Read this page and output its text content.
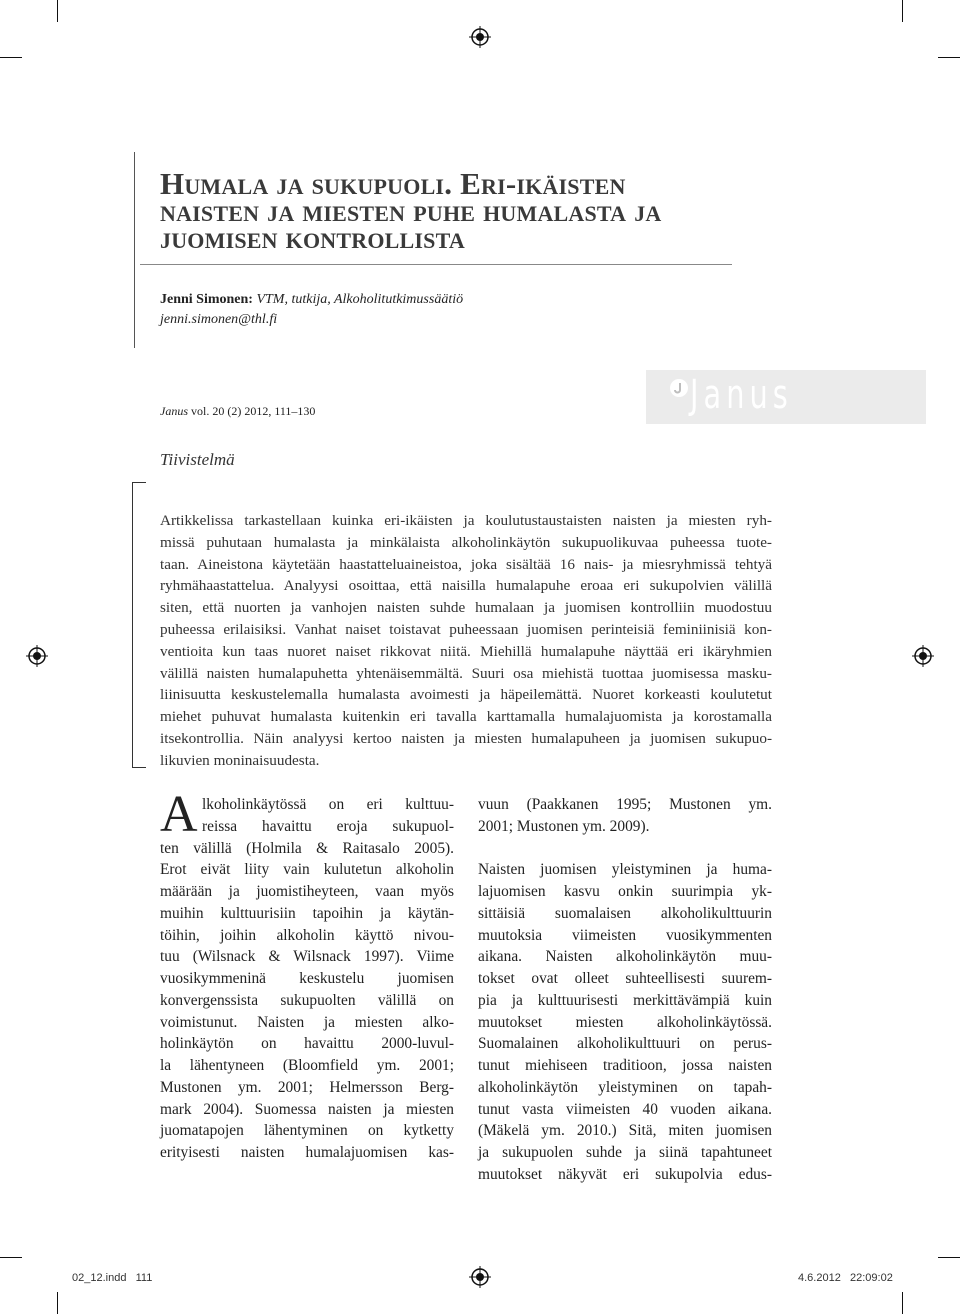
Humala ja sukupuoli. Eri-ikäisten
naisten ja miesten puhe humalasta ja
juomisen kontrollista
Jenni Simonen: VTM, tutkija, Alkoholitutkimussäätiö
jenni.simonen@thl.fi
Janus vol. 20 (2) 2012, 111–130	Janus
Tiivistelmä
Artikkelissa tarkastellaan kuinka eri-ikäisten ja koulutustaustaisten naisten ja miesten ryh-
missä puhutaan humalasta ja minkälaista alkoholinkäytön sukupuolikuvaa puheessa tuote-
taan. Aineistona käytetään haastatteluaineistoa, joka sisältää 16 nais- ja miesryhmissä tehtyä
ryhmähaastattelua. Analyysi osoittaa, että naisilla humalapuhe eroaa eri sukupolvien välillä
siten, että nuorten ja vanhojen naisten suhde humalaan ja juomisen kontrolliin muodostuu
puheessa erilaisiksi. Vanhat naiset toistavat puheessaan juomisen perinteisiä feminiinisiä kon-
ventioita kun taas nuoret naiset rikkovat niitä. Miehillä humalapuhe näyttää eri ikäryhmien
välillä naisten humalapuhetta yhtenäisemmältä. Suuri osa miehistä tuottaa juomisessa masku-
liinisuutta keskustelemalla humalasta avoimesti ja häpeilemättä. Nuoret korkeasti koulutetut
miehet puhuvat humalasta kuitenkin eri tavalla karttamalla humalajuomista ja korostamalla
itsekontrollia. Näin analyysi kertoo naisten ja miesten humalapuheen ja juomisen sukupuo-
likuvien moninaisuudesta.
A lkoholinkäytössä on eri kulttuu-
reissa havaittu eroja sukupuol-
ten välillä (Holmila & Raitasalo 2005).
Erot eivät liity vain kulutetun alkoholin
määrään ja juomistiheyteen, vaan myös
muihin kulttuurisiin tapoihin ja käytän-
töihin, joihin alkoholin käyttö nivou-
tuu (Wilsnack & Wilsnack 1997). Viime
vuosikymmeninä keskustelu juomisen
konvergenssista sukupuolten välillä on
voimistunut. Naisten ja miesten alko-
holinkäytön on havaittu 2000-luvul-
la lähentyneen (Bloomfield ym. 2001;
Mustonen ym. 2001; Helmersson Berg-
mark 2004). Suomessa naisten ja miesten
juomatapojen lähentyminen on kytketty
erityisesti naisten humalajuomisen kas-
vuun (Paakkanen 1995; Mustonen ym.
2001; Mustonen ym. 2009).
Naisten juomisen yleistyminen ja huma-
lajuomisen kasvu onkin suurimpia yk-
sittäisiä suomalaisen alkoholikulttuurin
muutoksia viimeisten vuosikymmenten
aikana. Naisten alkoholinkäytön muu-
tokset ovat olleet suhteellisesti suurem-
pia ja kulttuurisesti merkittävämpiä kuin
muutokset miesten alkoholinkäytössä.
Suomalainen alkoholikulttuuri on perus-
tunut miehiseen traditioon, jossa naisten
alkoholinkäytön yleistyminen on tapah-
tunut vasta viimeisten 40 vuoden aikana.
(Mäkelä ym. 2010.) Sitä, miten juomisen
ja sukupuolen suhde ja siinä tapahtuneet
muutokset näkyvät eri sukupolvia edus-
02_12.indd   111	4.6.2012   22:09:02
